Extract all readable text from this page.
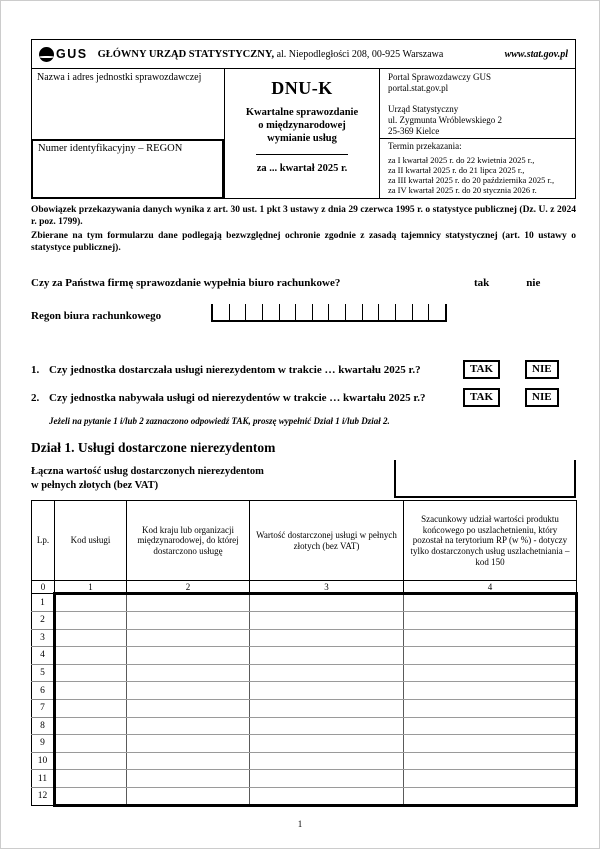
GUS GŁÓWNY URZĄD STATYSTYCZNY, al. Niepodległości 208, 00-925 Warszawa	www.stat.gov.pl
Nazwa i adres jednostki sprawozdawczej
Numer identyfikacyjny – REGON
DNU-K
Kwartalne sprawozdanie
o międzynarodowej
wymianie usług
za ... kwartał 2025 r.
Portal Sprawozdawczy GUS
portal.stat.gov.pl
Urząd Statystyczny
ul. Zygmunta Wróblewskiego 2
25-369 Kielce
Termin przekazania:
za I kwartał 2025 r. do 22 kwietnia 2025 r.,
za II kwartał 2025 r. do 21 lipca 2025 r.,
za III kwartał 2025 r. do 20 października 2025 r.,
za IV kwartał 2025 r. do 20 stycznia 2026 r.

Obowiązek przekazywania danych wynika z art. 30 ust. 1 pkt 3 ustawy z dnia 29 czerwca 1995 r. o statystyce publicznej (Dz. U. z 2024 r. poz. 1799).

Zbierane na tym formularzu dane podlegają bezwzględnej ochronie zgodnie z zasadą tajemnicy statystycznej (art. 10 ustawy o statystyce publicznej).

Czy za Państwa firmę sprawozdanie wypełnia biuro rachunkowe?	tak	nie
Regon biura rachunkowego
1. Czy jednostka dostarczała usługi nierezydentom w trakcie … kwartału 2025 r.?	TAK	NIE
2. Czy jednostka nabywała usługi od nierezydentów w trakcie … kwartału 2025 r.?	TAK	NIE
Jeżeli na pytanie 1 i/lub 2 zaznaczono odpowiedź TAK, proszę wypełnić Dział 1 i/lub Dział 2.
Dział 1. Usługi dostarczone nierezydentom
Łączna wartość usług dostarczonych nierezydentom
w pełnych złotych (bez VAT)
Lp.	Kod usługi	Kod kraju lub organizacji międzynarodowej, do której dostarczono usługę	Wartość dostarczonej usługi w pełnych złotych (bez VAT)	Szacunkowy udział wartości produktu końcowego po uszlachetnieniu, który pozostał na terytorium RP (w %) - dotyczy tylko dostarczonych usług uszlachetniania – kod 150
0	1	2	3	4
1				
2				
3				
4				
5				
6				
7				
8				
9				
10				
11				
12				
1
